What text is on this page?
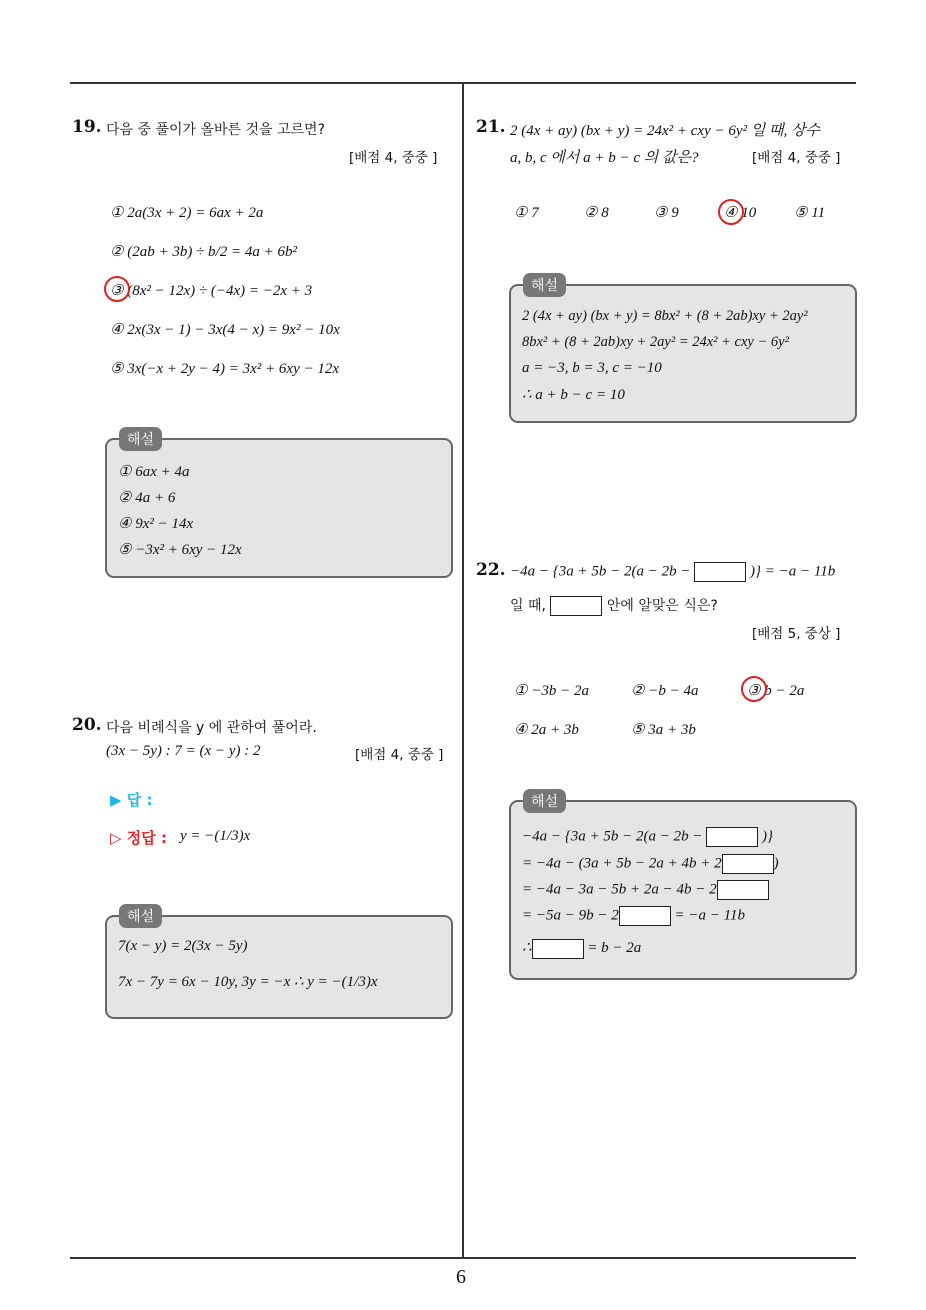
6
19. 다음 중 풀이가 올바른 것을 고르면?
[배점 4, 중중 ]
① 2a(3x + 2) = 6ax + 2a
② (2ab + 3b) ÷ b/2 = 4a + 6b²
③ (8x² − 12x) ÷ (−4x) = −2x + 3
④ 2x(3x − 1) − 3x(4 − x) = 9x² − 10x
⑤ 3x(−x + 2y − 4) = 3x² + 6xy − 12x
해설
① 6ax + 4a
② 4a + 6
④ 9x² − 14x
⑤ −3x² + 6xy − 12x
20. 다음 비례식을 y 에 관하여 풀어라.
(3x − 5y) : 7 = (x − y) : 2	[배점 4, 중중 ]
▶ 답 :
▷ 정답 : y = −(1/3)x
해설
7(x − y) = 2(3x − 5y)
7x − 7y = 6x − 10y, 3y = −x ∴ y = −(1/3)x
21. 2 (4x + ay) (bx + y) = 24x² + cxy − 6y² 일 때, 상수
a, b, c 에서 a + b − c 의 값은?	[배점 4, 중중 ]
① 7	② 8	③ 9	④ 10	⑤ 11
해설
2 (4x + ay) (bx + y) = 8bx² + (8 + 2ab)xy + 2ay²
8bx² + (8 + 2ab)xy + 2ay² = 24x² + cxy − 6y²
a = −3, b = 3, c = −10
∴ a + b − c = 10
22. −4a − {3a + 5b − 2(a − 2b −	)} = −a − 11b
일 때,	안에 알맞은 식은?
[배점 5, 중상 ]
① −3b − 2a	② −b − 4a	③ b − 2a
④ 2a + 3b	⑤ 3a + 3b
해설
−4a − {3a + 5b − 2(a − 2b −	)}
= −4a − (3a + 5b − 2a + 4b + 2	)
= −4a − 3a − 5b + 2a − 4b − 2
= −5a − 9b − 2	= −a − 11b
∴	= b − 2a
